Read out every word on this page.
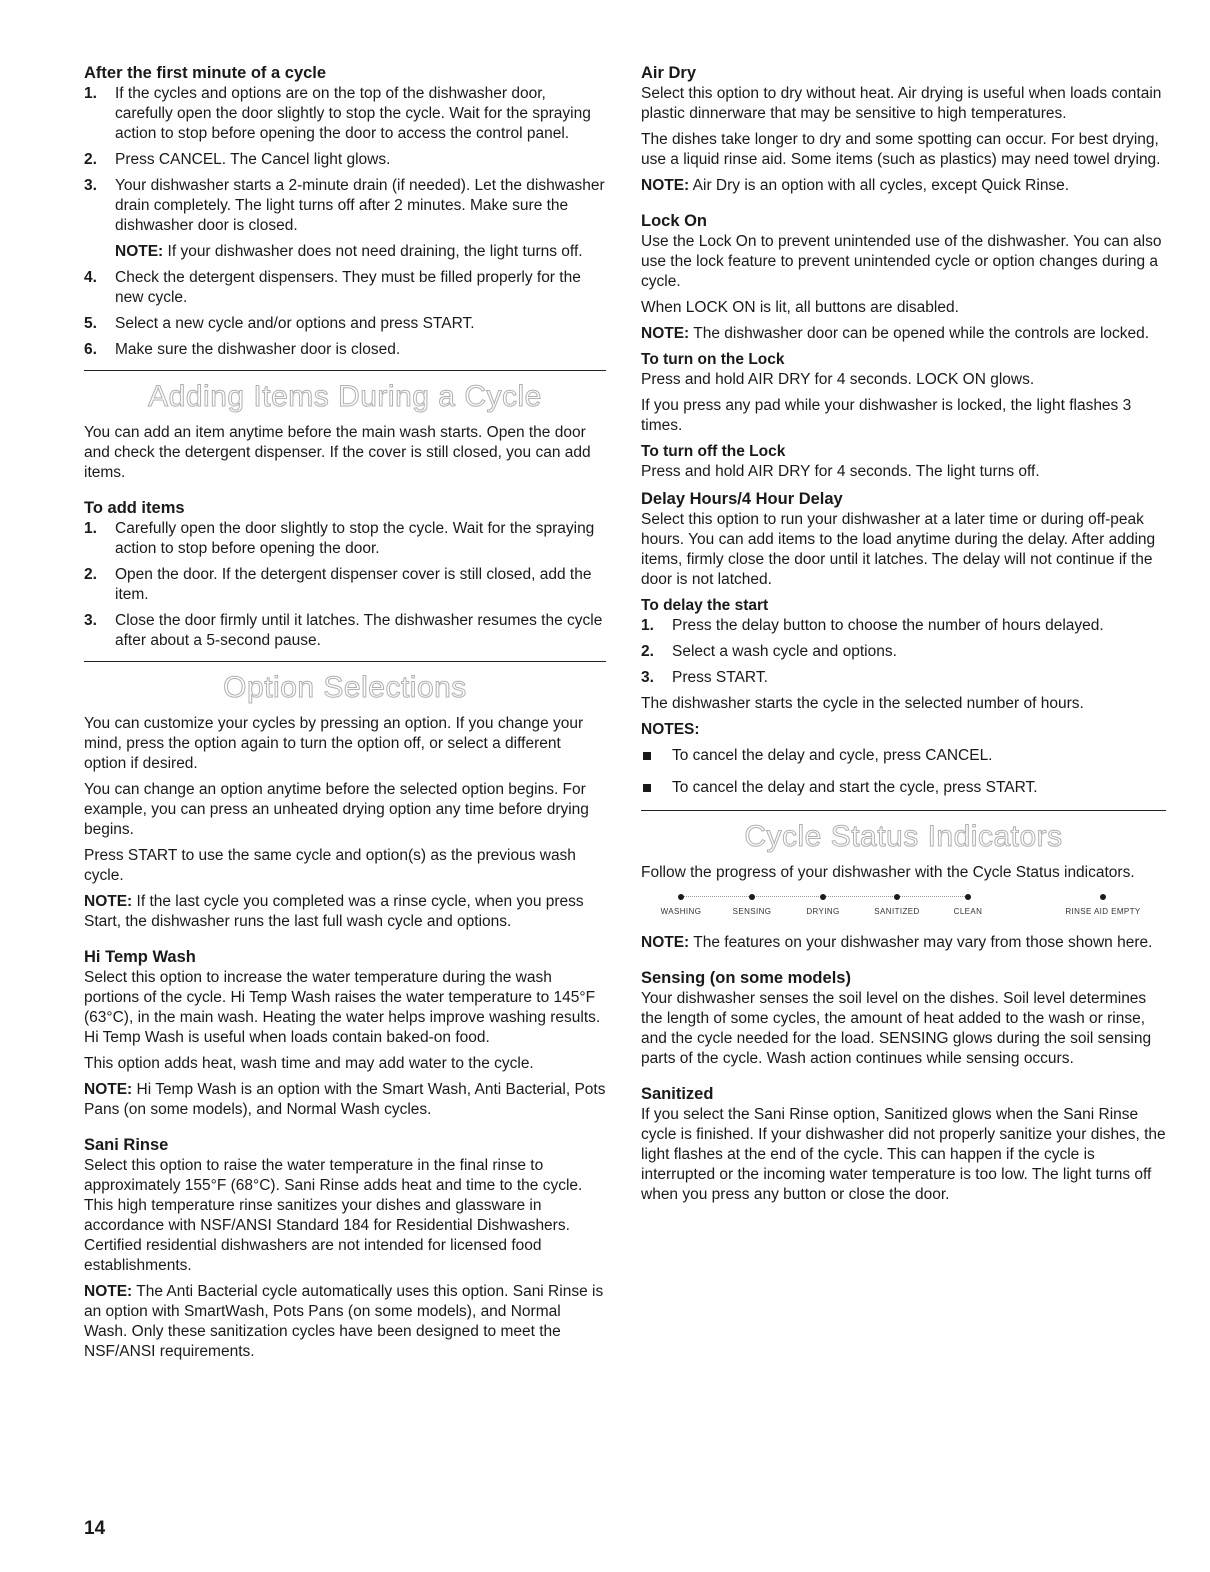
After the first minute of a cycle
1. If the cycles and options are on the top of the dishwasher door, carefully open the door slightly to stop the cycle. Wait for the spraying action to stop before opening the door to access the control panel.
2. Press CANCEL. The Cancel light glows.
3. Your dishwasher starts a 2-minute drain (if needed). Let the dishwasher drain completely. The light turns off after 2 minutes. Make sure the dishwasher door is closed.

NOTE: If your dishwasher does not need draining, the light turns off.

4. Check the detergent dispensers. They must be filled properly for the new cycle.
5. Select a new cycle and/or options and press START.
6. Make sure the dishwasher door is closed.
Adding Items During a Cycle

You can add an item anytime before the main wash starts. Open the door and check the detergent dispenser. If the cover is still closed, you can add items.

To add items
1. Carefully open the door slightly to stop the cycle. Wait for the spraying action to stop before opening the door.
2. Open the door. If the detergent dispenser cover is still closed, add the item.
3. Close the door firmly until it latches. The dishwasher resumes the cycle after about a 5-second pause.
Option Selections

You can customize your cycles by pressing an option. If you change your mind, press the option again to turn the option off, or select a different option if desired.

You can change an option anytime before the selected option begins. For example, you can press an unheated drying option any time before drying begins.

Press START to use the same cycle and option(s) as the previous wash cycle.

NOTE: If the last cycle you completed was a rinse cycle, when you press Start, the dishwasher runs the last full wash cycle and options.

Hi Temp Wash

Select this option to increase the water temperature during the wash portions of the cycle. Hi Temp Wash raises the water temperature to 145°F (63°C), in the main wash. Heating the water helps improve washing results. Hi Temp Wash is useful when loads contain baked-on food.

This option adds heat, wash time and may add water to the cycle.

NOTE: Hi Temp Wash is an option with the Smart Wash, Anti Bacterial, Pots Pans (on some models), and Normal Wash cycles.

Sani Rinse

Select this option to raise the water temperature in the final rinse to approximately 155°F (68°C). Sani Rinse adds heat and time to the cycle. This high temperature rinse sanitizes your dishes and glassware in accordance with NSF/ANSI Standard 184 for Residential Dishwashers. Certified residential dishwashers are not intended for licensed food establishments.

NOTE: The Anti Bacterial cycle automatically uses this option. Sani Rinse is an option with SmartWash, Pots Pans (on some models), and Normal Wash. Only these sanitization cycles have been designed to meet the NSF/ANSI requirements.

Air Dry

Select this option to dry without heat. Air drying is useful when loads contain plastic dinnerware that may be sensitive to high temperatures.

The dishes take longer to dry and some spotting can occur. For best drying, use a liquid rinse aid. Some items (such as plastics) may need towel drying.

NOTE: Air Dry is an option with all cycles, except Quick Rinse.

Lock On

Use the Lock On to prevent unintended use of the dishwasher. You can also use the lock feature to prevent unintended cycle or option changes during a cycle.

When LOCK ON is lit, all buttons are disabled.

NOTE: The dishwasher door can be opened while the controls are locked.

To turn on the Lock

Press and hold AIR DRY for 4 seconds. LOCK ON glows.

If you press any pad while your dishwasher is locked, the light flashes 3 times.

To turn off the Lock

Press and hold AIR DRY for 4 seconds. The light turns off.

Delay Hours/4 Hour Delay

Select this option to run your dishwasher at a later time or during off-peak hours. You can add items to the load anytime during the delay. After adding items, firmly close the door until it latches. The delay will not continue if the door is not latched.

To delay the start
1. Press the delay button to choose the number of hours delayed.
2. Select a wash cycle and options.
3. Press START.

The dishwasher starts the cycle in the selected number of hours.

NOTES:
To cancel the delay and cycle, press CANCEL.
To cancel the delay and start the cycle, press START.
Cycle Status Indicators

Follow the progress of your dishwasher with the Cycle Status indicators.

WASHING	SENSING	DRYING	SANITIZED	CLEAN	RINSE AID EMPTY

NOTE: The features on your dishwasher may vary from those shown here.

Sensing (on some models)

Your dishwasher senses the soil level on the dishes. Soil level determines the length of some cycles, the amount of heat added to the wash or rinse, and the cycle needed for the load. SENSING glows during the soil sensing parts of the cycle. Wash action continues while sensing occurs.

Sanitized

If you select the Sani Rinse option, Sanitized glows when the Sani Rinse cycle is finished. If your dishwasher did not properly sanitize your dishes, the light flashes at the end of the cycle. This can happen if the cycle is interrupted or the incoming water temperature is too low. The light turns off when you press any button or close the door.

14
